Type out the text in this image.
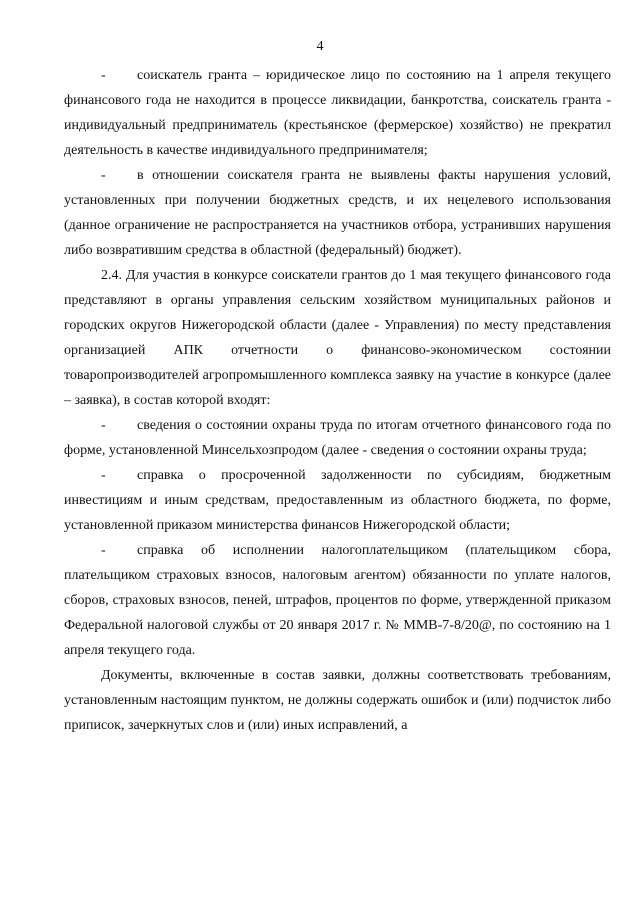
4

- соискатель гранта – юридическое лицо по состоянию на 1 апреля текущего финансового года не находится в процессе ликвидации, банкротства, соискатель гранта - индивидуальный предприниматель (крестьянское (фермерское) хозяйство) не прекратил деятельность в качестве индивидуального предпринимателя;

- в отношении соискателя гранта не выявлены факты нарушения условий, установленных при получении бюджетных средств, и их нецелевого использования (данное ограничение не распространяется на участников отбора, устранивших нарушения либо возвратившим средства в областной (федеральный) бюджет).

2.4. Для участия в конкурсе соискатели грантов до 1 мая текущего финансового года представляют в органы управления сельским хозяйством муниципальных районов и городских округов Нижегородской области (далее - Управления) по месту представления организацией АПК отчетности о финансово-экономическом состоянии товаропроизводителей агропромышленного комплекса заявку на участие в конкурсе (далее – заявка), в состав которой входят:

- сведения о состоянии охраны труда по итогам отчетного финансового года по форме, установленной Минсельхозпродом (далее - сведения о состоянии охраны труда;

- справка о просроченной задолженности по субсидиям, бюджетным инвестициям и иным средствам, предоставленным из областного бюджета, по форме, установленной приказом министерства финансов Нижегородской области;

- справка об исполнении налогоплательщиком (плательщиком сбора, плательщиком страховых взносов, налоговым агентом) обязанности по уплате налогов, сборов, страховых взносов, пеней, штрафов, процентов по форме, утвержденной приказом Федеральной налоговой службы от 20 января 2017 г. № ММВ-7-8/20@, по состоянию на 1 апреля текущего года.

Документы, включенные в состав заявки, должны соответствовать требованиям, установленным настоящим пунктом, не должны содержать ошибок и (или) подчисток либо приписок, зачеркнутых слов и (или) иных исправлений, а
